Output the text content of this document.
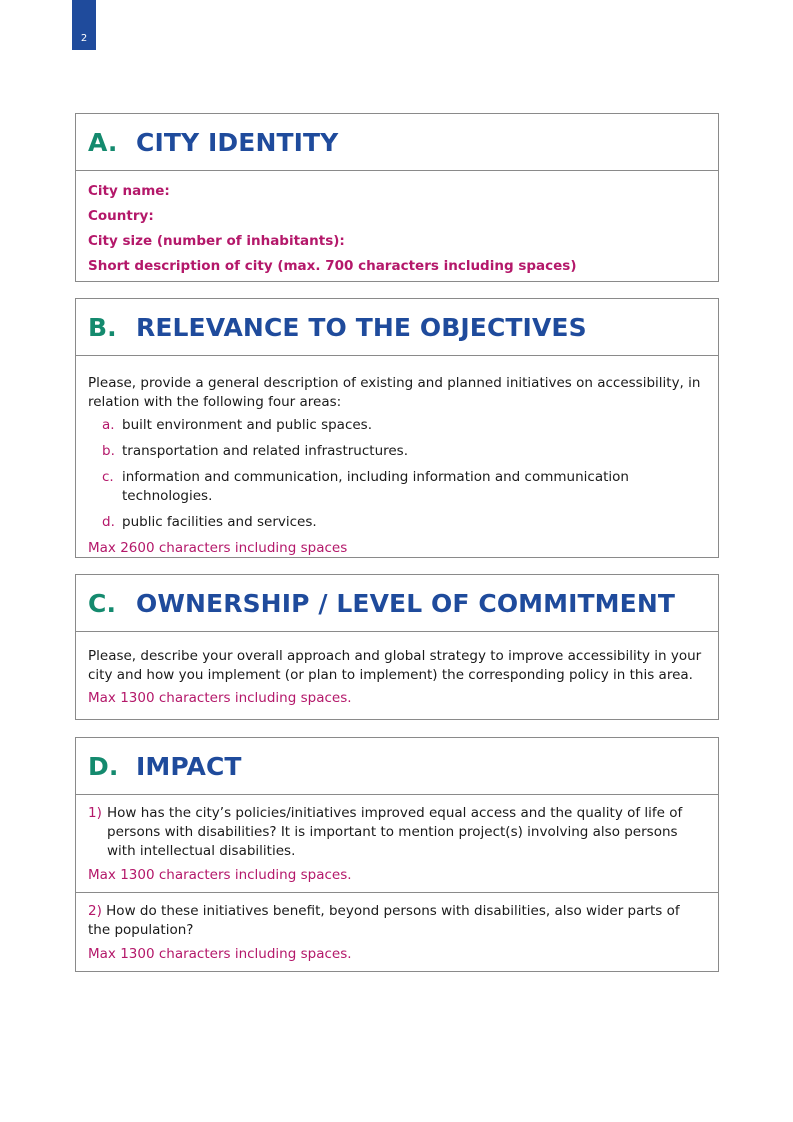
2
A. CITY IDENTITY
City name:
Country:
City size (number of inhabitants):
Short description of city (max. 700 characters including spaces)
B. RELEVANCE TO THE OBJECTIVES
Please, provide a general description of existing and planned initiatives on accessibility, in relation with the following four areas:
a. built environment and public spaces.
b. transportation and related infrastructures.
c. information and communication, including information and communication technologies.
d. public facilities and services.
Max 2600 characters including spaces
C. OWNERSHIP / LEVEL OF COMMITMENT
Please, describe your overall approach and global strategy to improve accessibility in your city and how you implement (or plan to implement) the corresponding policy in this area.
Max 1300 characters including spaces.
D. IMPACT
1) How has the city’s policies/initiatives improved equal access and the quality of life of persons with disabilities? It is important to mention project(s) involving also persons with intellectual disabilities.
Max 1300 characters including spaces.
2) How do these initiatives benefit, beyond persons with disabilities, also wider parts of the population?
Max 1300 characters including spaces.
